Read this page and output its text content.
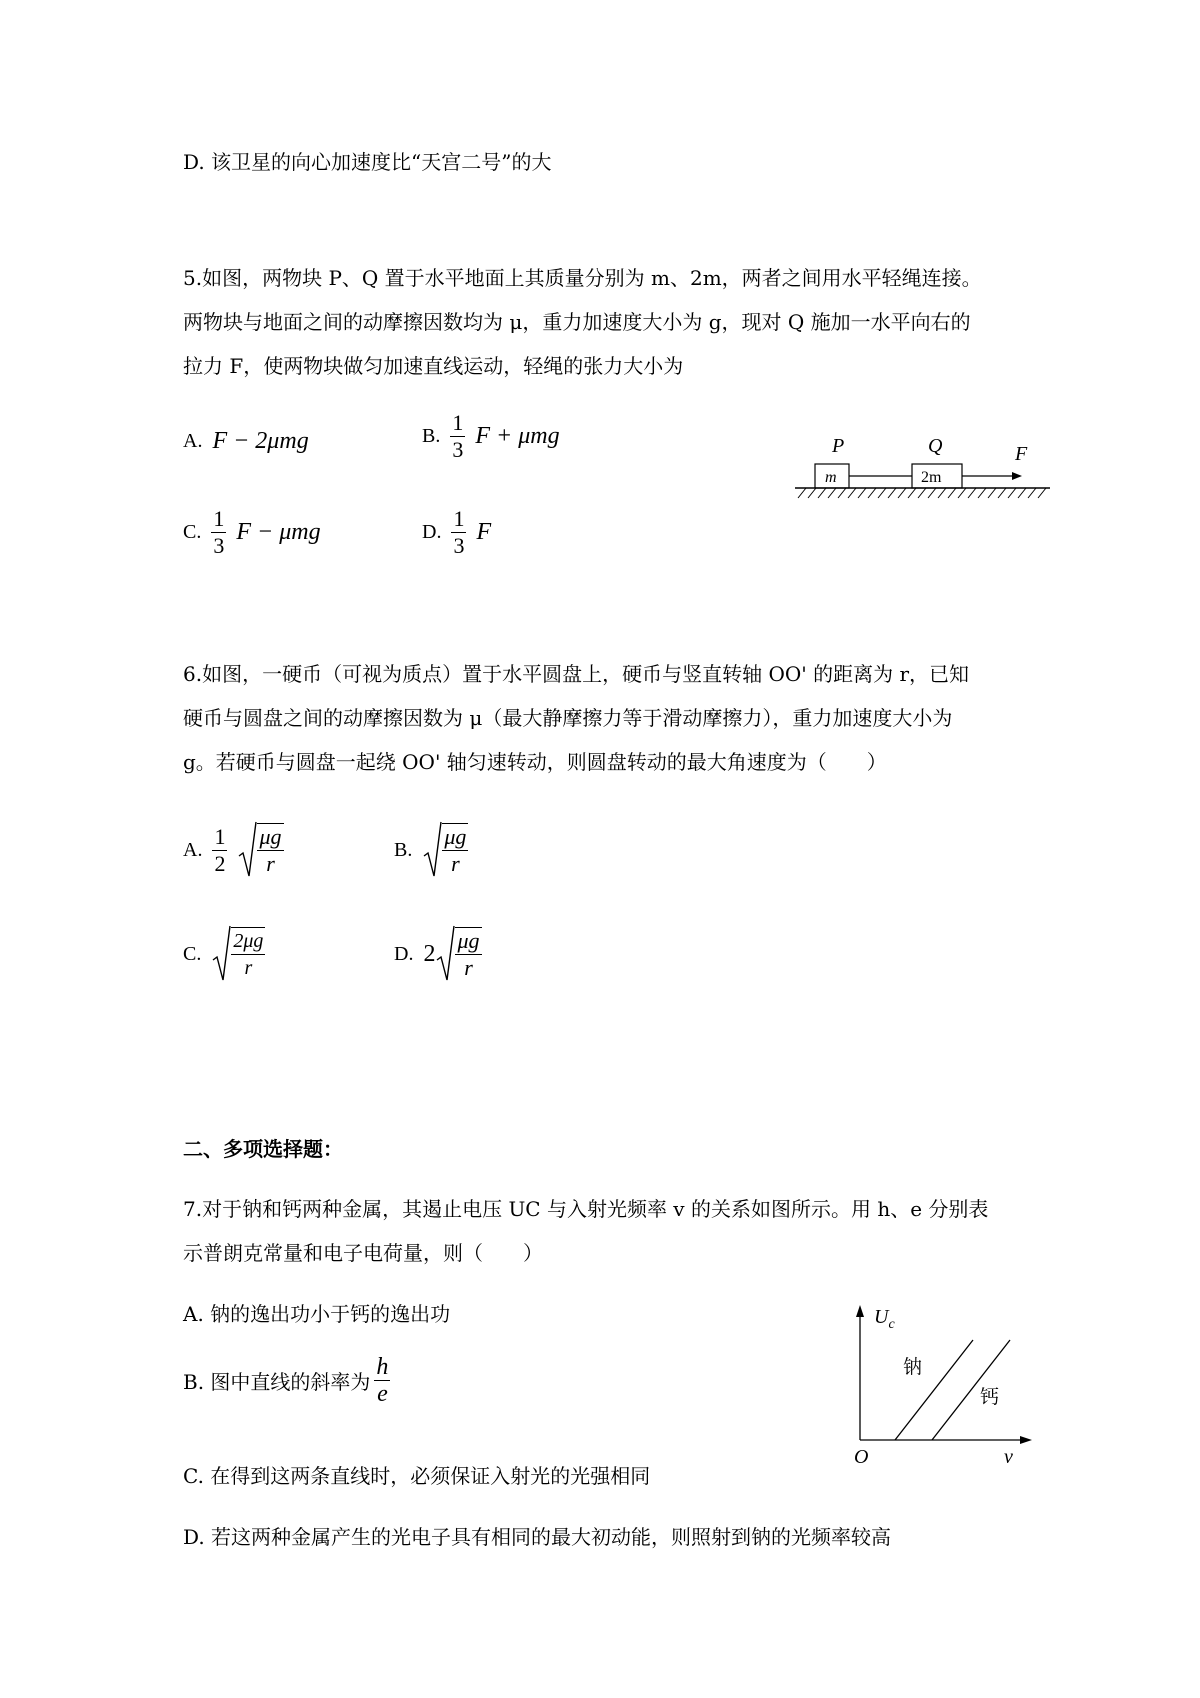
D. 该卫星的向心加速度比“天宫二号”的大
5.如图，两物块 P、Q 置于水平地面上其质量分别为 m、2m，两者之间用水平轻绳连接。
两物块与地面之间的动摩擦因数均为 μ，重力加速度大小为 g，现对 Q 施加一水平向右的
拉力 F，使两物块做匀加速直线运动，轻绳的张力大小为
A. F − 2μmg	B. $\frac{1}{3}$ F + μmg
C. $\frac{1}{3}$ F − μmg	D. $\frac{1}{3}$ F
P	Q	F
m	2m
6.如图，一硬币（可视为质点）置于水平圆盘上，硬币与竖直转轴 OO' 的距离为 r，已知
硬币与圆盘之间的动摩擦因数为 μ（最大静摩擦力等于滑动摩擦力），重力加速度大小为
g。若硬币与圆盘一起绕 OO' 轴匀速转动，则圆盘转动的最大角速度为（　　）
A. $\frac{1}{2} \frac{\mu g}{r}$	B. $\frac{\mu g}{r}$
C. $\frac{2\mu g}{r}$	D. $2 \frac{\mu g}{r}$
二、多项选择题：
7.对于钠和钙两种金属，其遏止电压 UC 与入射光频率 v 的关系如图所示。用 h、e 分别表
示普朗克常量和电子电荷量，则（　　）
A. 钠的逸出功小于钙的逸出功
B. 图中直线的斜率为 $\frac{h}{e}$
C. 在得到这两条直线时，必须保证入射光的光强相同
D. 若这两种金属产生的光电子具有相同的最大初动能，则照射到钠的光频率较高
$U_c$
v
O
钠
钙
